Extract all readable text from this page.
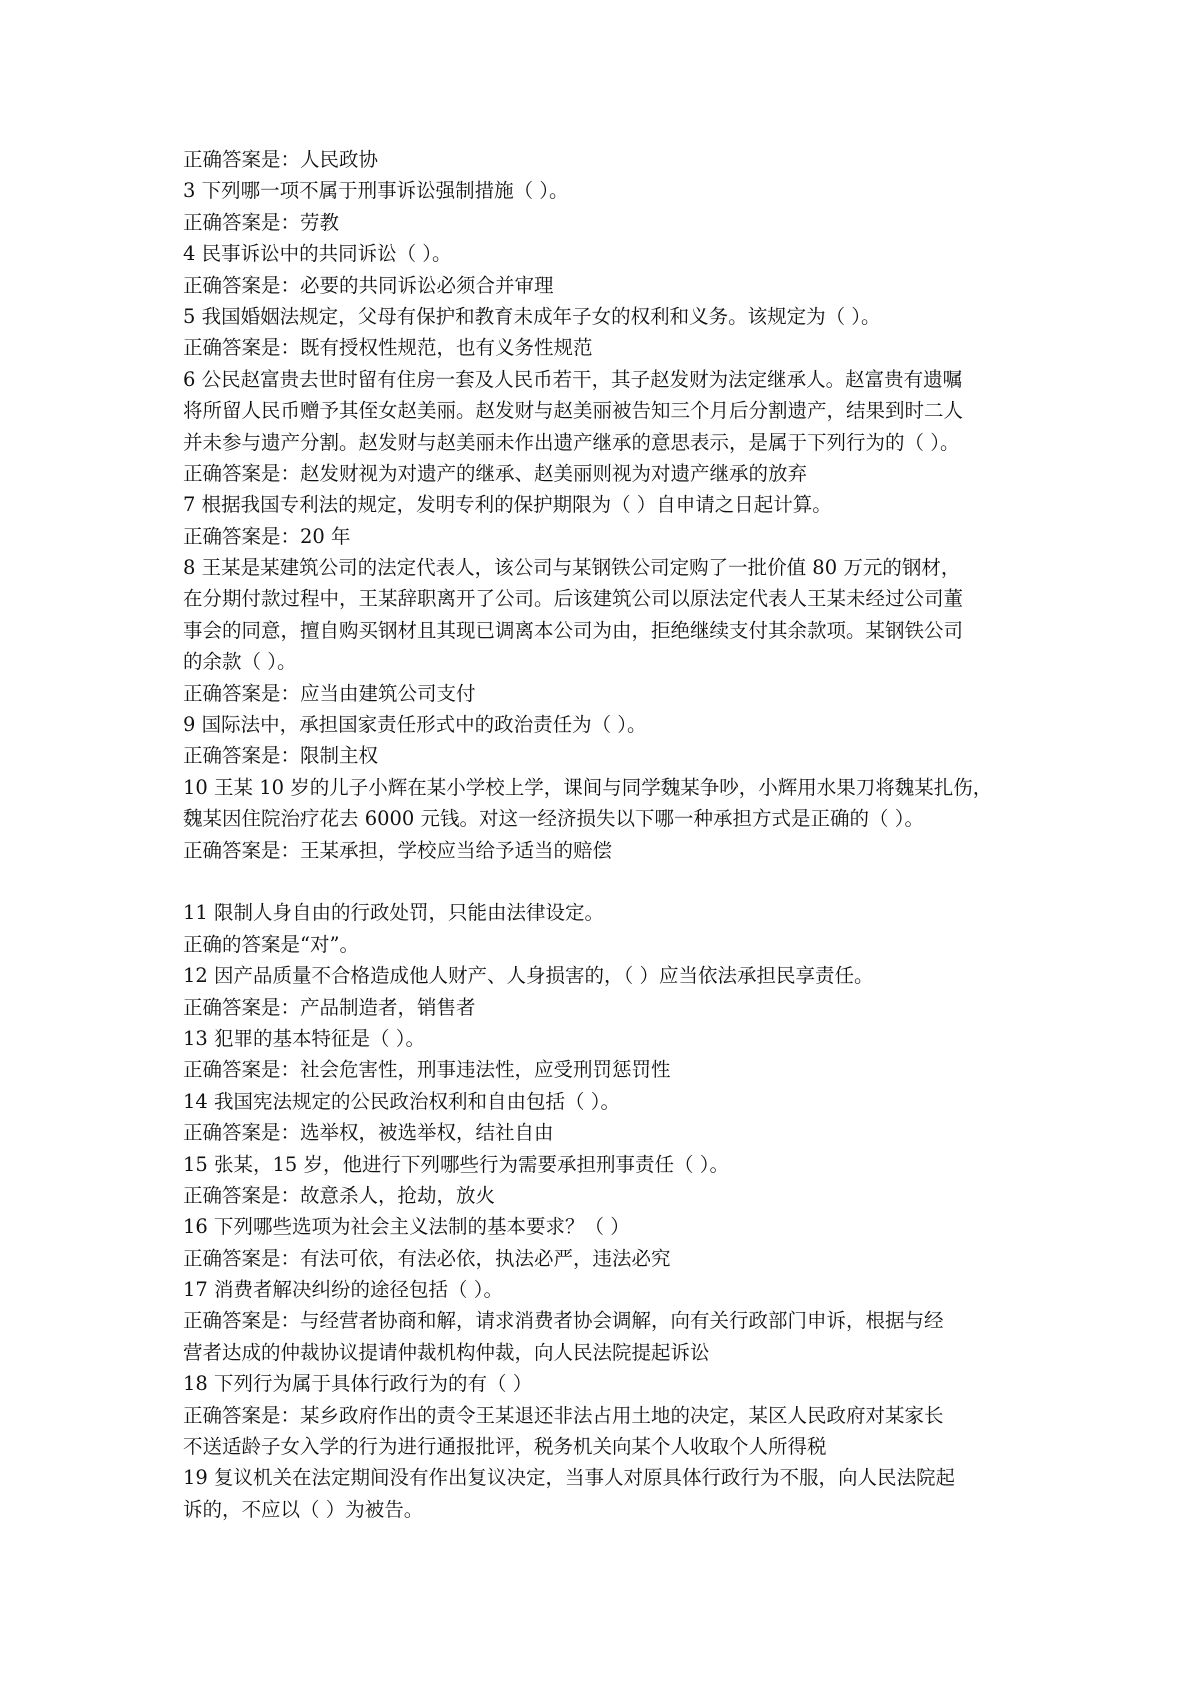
正确答案是：人民政协
3 下列哪一项不属于刑事诉讼强制措施（ ）。
正确答案是：劳教
4 民事诉讼中的共同诉讼（ ）。
正确答案是：必要的共同诉讼必须合并审理
5 我国婚姻法规定，父母有保护和教育未成年子女的权利和义务。该规定为（ ）。
正确答案是：既有授权性规范，也有义务性规范
6 公民赵富贵去世时留有住房一套及人民币若干，其子赵发财为法定继承人。赵富贵有遗嘱
将所留人民币赠予其侄女赵美丽。赵发财与赵美丽被告知三个月后分割遗产，结果到时二人
并未参与遗产分割。赵发财与赵美丽未作出遗产继承的意思表示，是属于下列行为的（ ）。
正确答案是：赵发财视为对遗产的继承、赵美丽则视为对遗产继承的放弃
7 根据我国专利法的规定，发明专利的保护期限为（ ）自申请之日起计算。
正确答案是：20 年
8 王某是某建筑公司的法定代表人，该公司与某钢铁公司定购了一批价值 80 万元的钢材，
在分期付款过程中，王某辞职离开了公司。后该建筑公司以原法定代表人王某未经过公司董
事会的同意，擅自购买钢材且其现已调离本公司为由，拒绝继续支付其余款项。某钢铁公司
的余款（ ）。
正确答案是：应当由建筑公司支付
9 国际法中，承担国家责任形式中的政治责任为（ ）。
正确答案是：限制主权
10 王某 10 岁的儿子小辉在某小学校上学，课间与同学魏某争吵，小辉用水果刀将魏某扎伤，
魏某因住院治疗花去 6000 元钱。对这一经济损失以下哪一种承担方式是正确的（ ）。
正确答案是：王某承担，学校应当给予适当的赔偿
11 限制人身自由的行政处罚，只能由法律设定。
正确的答案是“对”。
12 因产品质量不合格造成他人财产、人身损害的，（ ）应当依法承担民享责任。
正确答案是：产品制造者，销售者
13 犯罪的基本特征是（ ）。
正确答案是：社会危害性，刑事违法性，应受刑罚惩罚性
14 我国宪法规定的公民政治权利和自由包括（ ）。
正确答案是：选举权，被选举权，结社自由
15 张某，15 岁，他进行下列哪些行为需要承担刑事责任（ ）。
正确答案是：故意杀人，抢劫，放火
16 下列哪些选项为社会主义法制的基本要求？（ ）
正确答案是：有法可依，有法必依，执法必严，违法必究
17 消费者解决纠纷的途径包括（ ）。
正确答案是：与经营者协商和解，请求消费者协会调解，向有关行政部门申诉，根据与经
营者达成的仲裁协议提请仲裁机构仲裁，向人民法院提起诉讼
18 下列行为属于具体行政行为的有（ ）
正确答案是：某乡政府作出的责令王某退还非法占用土地的决定，某区人民政府对某家长
不送适龄子女入学的行为进行通报批评，税务机关向某个人收取个人所得税
19 复议机关在法定期间没有作出复议决定，当事人对原具体行政行为不服，向人民法院起
诉的，不应以（ ）为被告。
